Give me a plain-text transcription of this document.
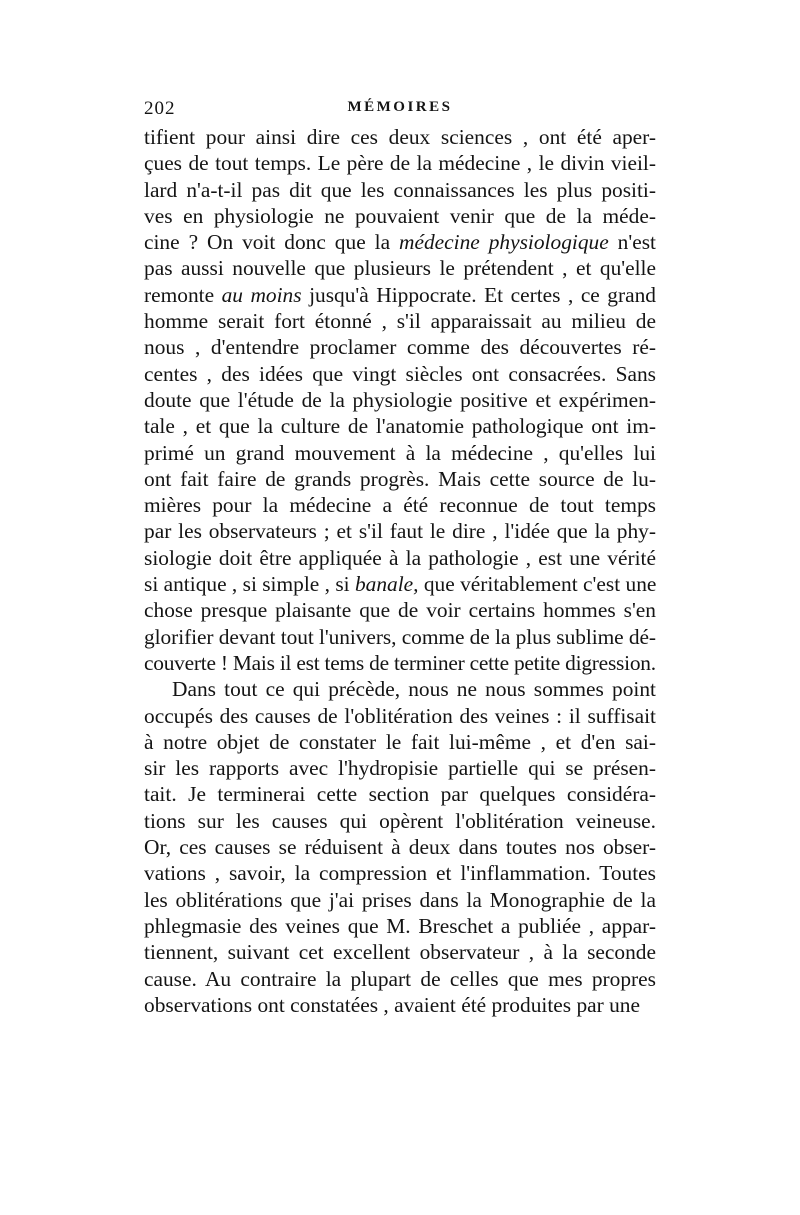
202	MÉMOIRES
tifient pour ainsi dire ces deux sciences , ont été aper-
çues de tout temps. Le père de la médecine , le divin vieil-
lard n'a-t-il pas dit que les connaissances les plus positi-
ves en physiologie ne pouvaient venir que de la méde-
cine ? On voit donc que la médecine physiologique n'est
pas aussi nouvelle que plusieurs le prétendent , et qu'elle
remonte au moins jusqu'à Hippocrate. Et certes , ce grand
homme serait fort étonné , s'il apparaissait au milieu de
nous , d'entendre proclamer comme des découvertes ré-
centes , des idées que vingt siècles ont consacrées. Sans
doute que l'étude de la physiologie positive et expérimen-
tale , et que la culture de l'anatomie pathologique ont im-
primé un grand mouvement à la médecine , qu'elles lui
ont fait faire de grands progrès. Mais cette source de lu-
mières pour la médecine a été reconnue de tout temps
par les observateurs ; et s'il faut le dire , l'idée que la phy-
siologie doit être appliquée à la pathologie , est une vérité
si antique , si simple , si banale, que véritablement c'est une
chose presque plaisante que de voir certains hommes s'en
glorifier devant tout l'univers, comme de la plus sublime dé-
couverte ! Mais il est tems de terminer cette petite digression.
Dans tout ce qui précède, nous ne nous sommes point
occupés des causes de l'oblitération des veines : il suffisait
à notre objet de constater le fait lui-même , et d'en sai-
sir les rapports avec l'hydropisie partielle qui se présen-
tait. Je terminerai cette section par quelques considéra-
tions sur les causes qui opèrent l'oblitération veineuse.
Or, ces causes se réduisent à deux dans toutes nos obser-
vations , savoir, la compression et l'inflammation. Toutes
les oblitérations que j'ai prises dans la Monographie de la
phlegmasie des veines que M. Breschet a publiée , appar-
tiennent, suivant cet excellent observateur , à la seconde
cause. Au contraire la plupart de celles que mes propres
observations ont constatées , avaient été produites par une
